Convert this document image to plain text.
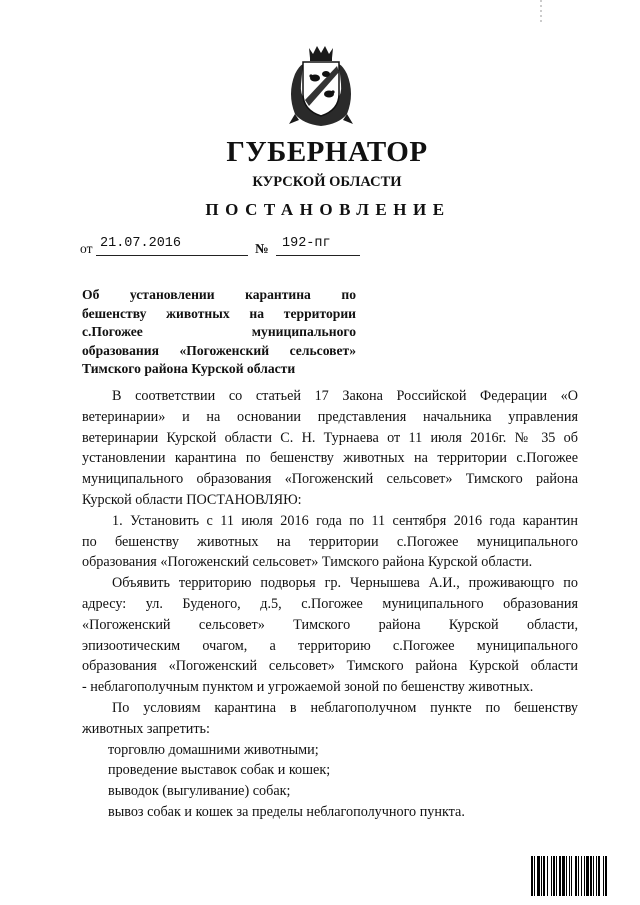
ГУБЕРНАТОР
КУРСКОЙ ОБЛАСТИ
ПОСТАНОВЛЕНИЕ
от 21.07.2016	№ 192-пг
Об установлении карантина по
бешенству животных на территории
с.Погожее муниципального
образования «Погоженский сельсовет»
Тимского района Курской области
В соответствии со статьей 17 Закона Российской Федерации «О
ветеринарии» и на основании представления начальника управления
ветеринарии Курской области С. Н. Турнаева от 11 июля 2016г. № 35 об
установлении карантина по бешенству животных на территории с.Погожее
муниципального образования «Погоженский сельсовет» Тимского района
Курской области ПОСТАНОВЛЯЮ:
1. Установить с 11 июля 2016 года по 11 сентября 2016 года карантин
по бешенству животных на территории с.Погожее муниципального
образования «Погоженский сельсовет» Тимского района Курской области.
Объявить территорию подворья гр. Чернышева А.И., проживающго по
адресу: ул. Буденого, д.5, с.Погожее муниципального образования
«Погоженский сельсовет» Тимского района Курской области,
эпизоотическим очагом, а территорию с.Погожее муниципального
образования «Погоженский сельсовет» Тимского района Курской области
- неблагополучным пунктом и угрожаемой зоной по бешенству животных.
По условиям карантина в неблагополучном пункте по бешенству
животных запретить:
торговлю домашними животными;
проведение выставок собак и кошек;
выводок (выгуливание) собак;
вывоз собак и кошек за пределы неблагополучного пункта.
